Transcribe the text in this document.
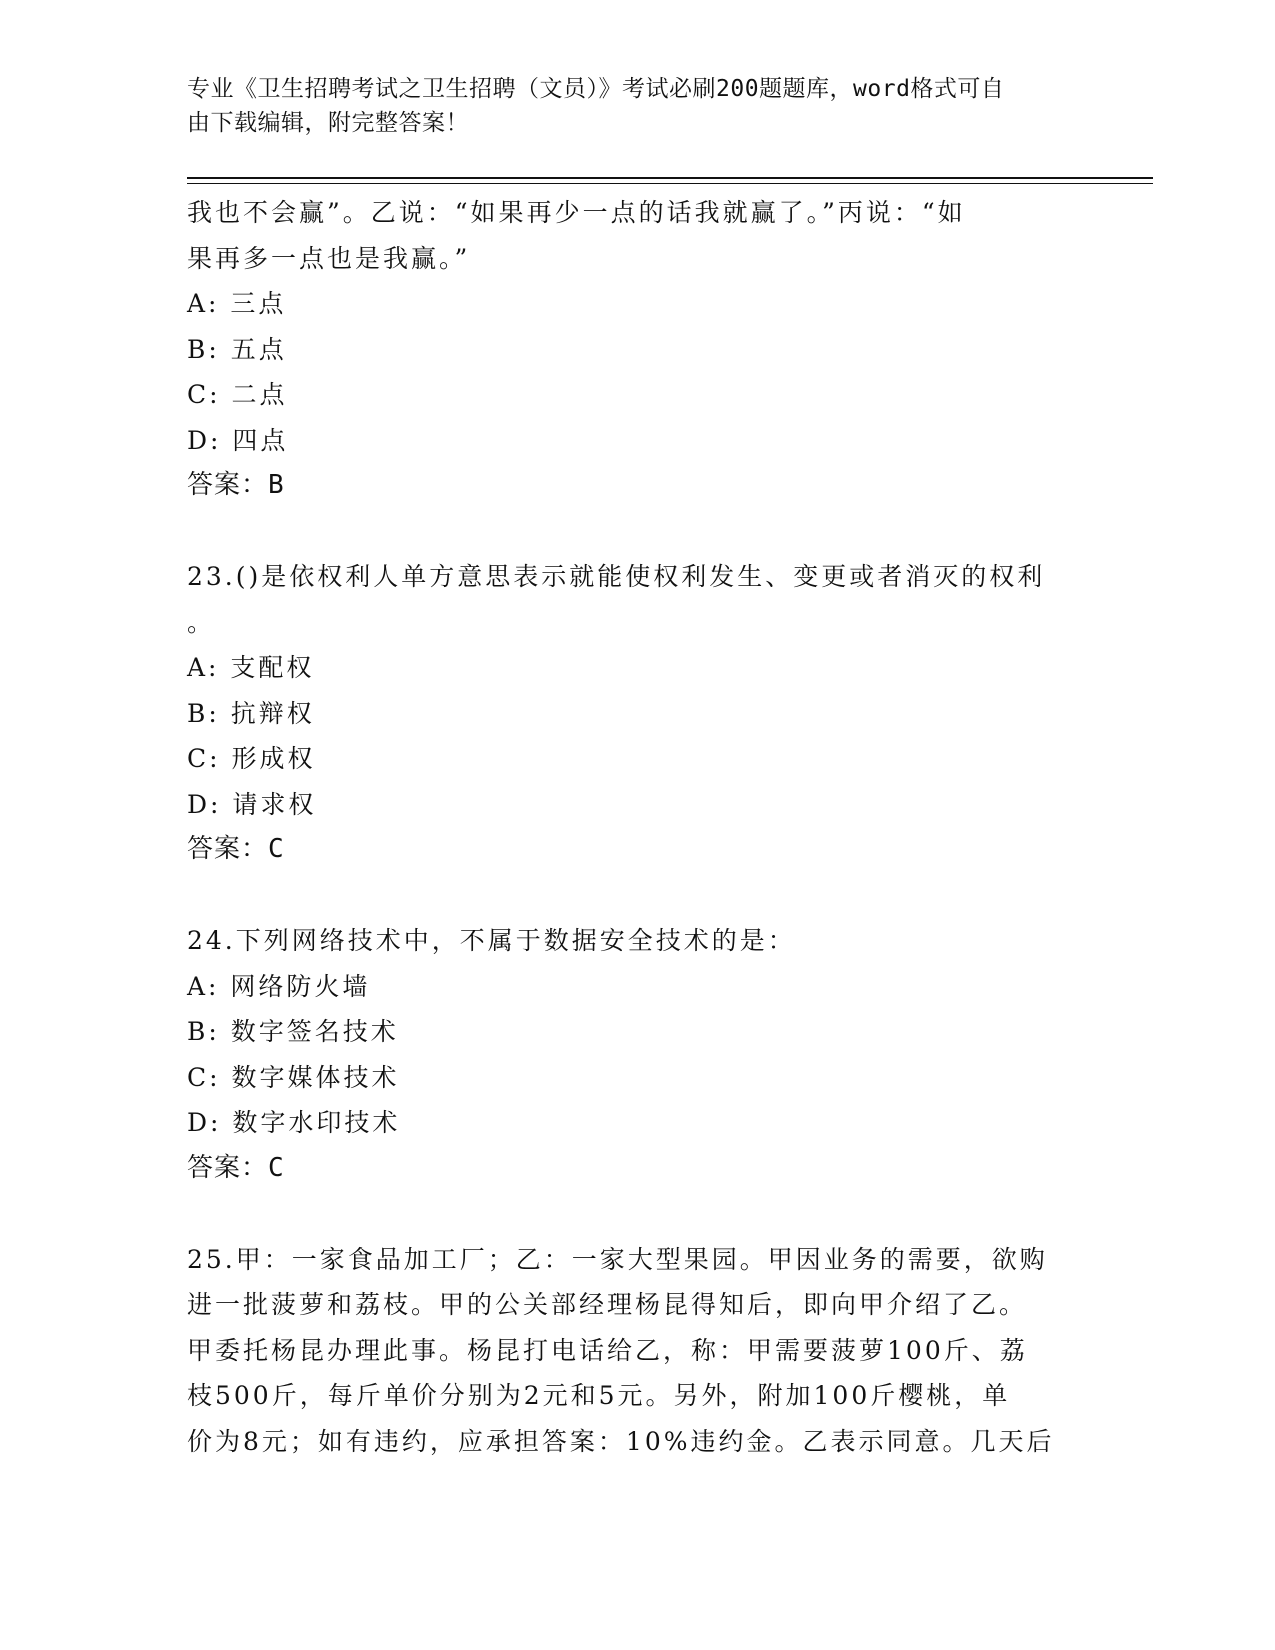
专业《卫生招聘考试之卫生招聘（文员）》考试必刷200题题库，word格式可自
由下载编辑，附完整答案！
我也不会赢”。乙说：“如果再少一点的话我就赢了。”丙说：“如
果再多一点也是我赢。”
A: 三点
B: 五点
C: 二点
D: 四点
答案：B
23.()是依权利人单方意思表示就能使权利发生、变更或者消灭的权利
。
A: 支配权
B: 抗辩权
C: 形成权
D: 请求权
答案：C
24.下列网络技术中，不属于数据安全技术的是：
A: 网络防火墙
B: 数字签名技术
C: 数字媒体技术
D: 数字水印技术
答案：C
25.甲：一家食品加工厂；乙：一家大型果园。甲因业务的需要，欲购
进一批菠萝和荔枝。甲的公关部经理杨昆得知后，即向甲介绍了乙。
甲委托杨昆办理此事。杨昆打电话给乙，称：甲需要菠萝100斤、荔
枝500斤，每斤单价分别为2元和5元。另外，附加100斤樱桃，单
价为8元；如有违约，应承担答案：10%违约金。乙表示同意。几天后
